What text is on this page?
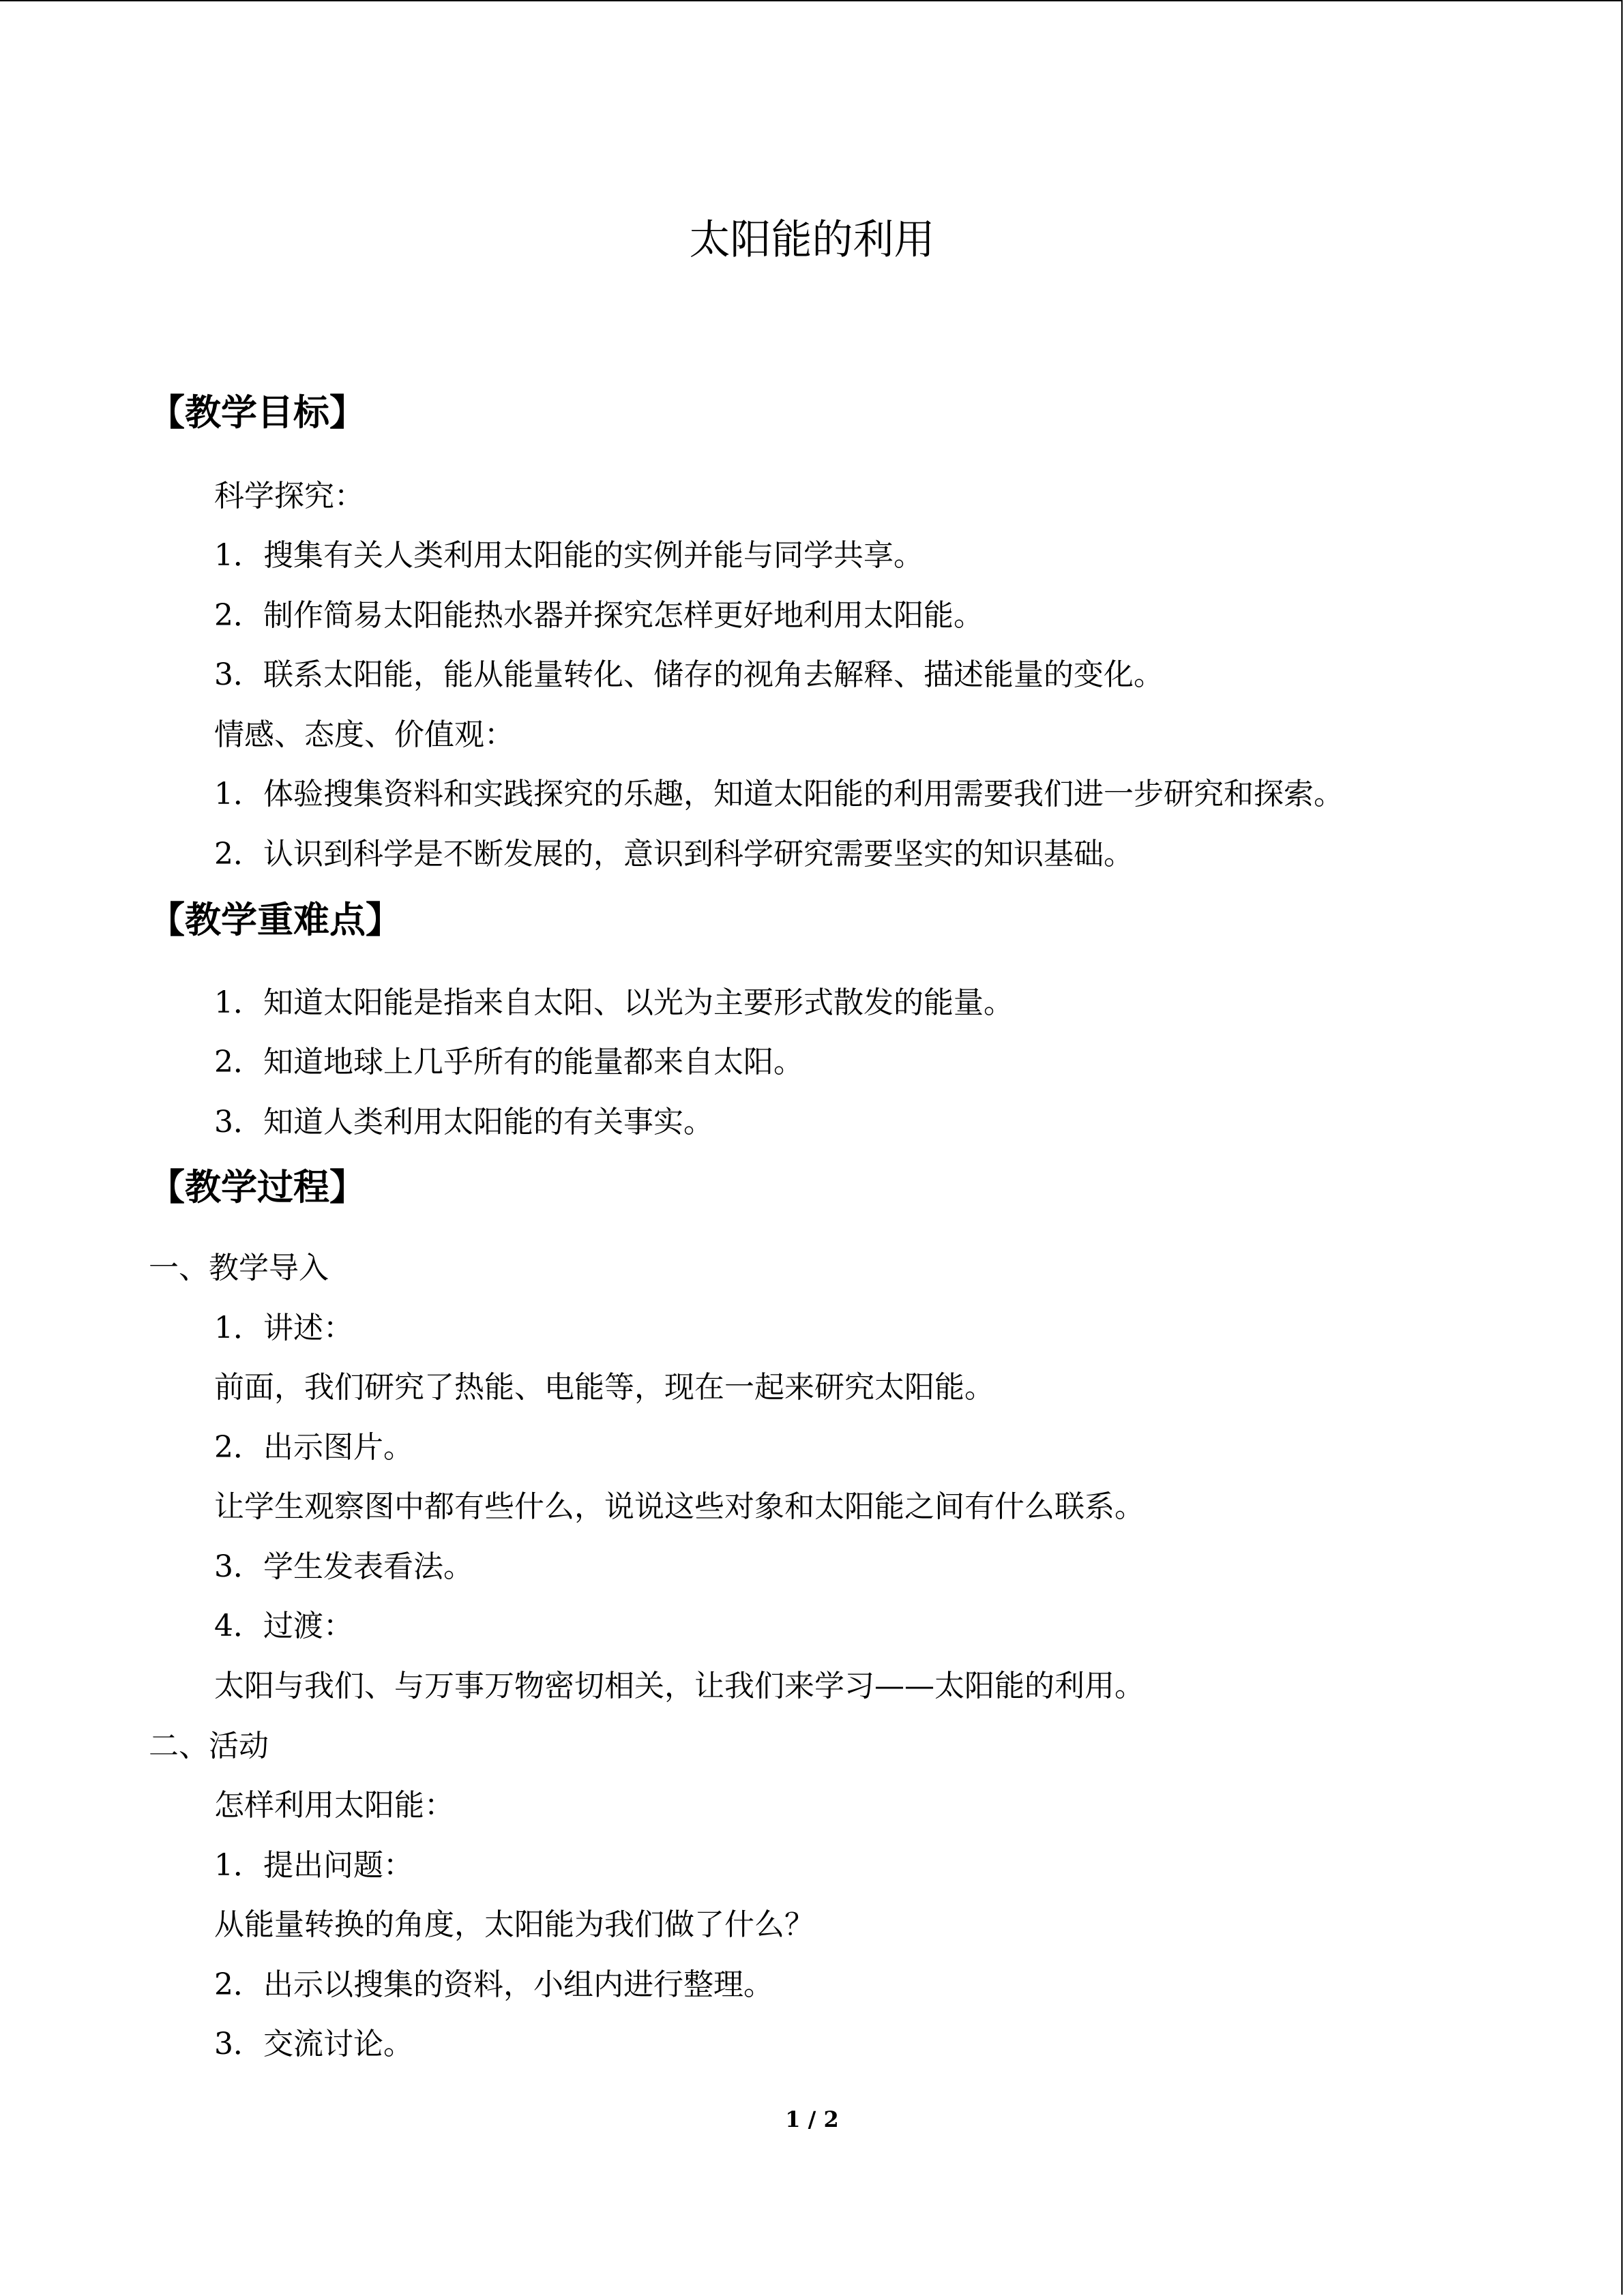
太阳能的利用
【教学目标】
科学探究：
1．搜集有关人类利用太阳能的实例并能与同学共享。
2．制作简易太阳能热水器并探究怎样更好地利用太阳能。
3．联系太阳能，能从能量转化、储存的视角去解释、描述能量的变化。
情感、态度、价值观：
1．体验搜集资料和实践探究的乐趣，知道太阳能的利用需要我们进一步研究和探索。
2．认识到科学是不断发展的，意识到科学研究需要坚实的知识基础。
【教学重难点】
1．知道太阳能是指来自太阳、以光为主要形式散发的能量。
2．知道地球上几乎所有的能量都来自太阳。
3．知道人类利用太阳能的有关事实。
【教学过程】
一、教学导入
1．讲述：
前面，我们研究了热能、电能等，现在一起来研究太阳能。
2．出示图片。
让学生观察图中都有些什么，说说这些对象和太阳能之间有什么联系。
3．学生发表看法。
4．过渡：
太阳与我们、与万事万物密切相关，让我们来学习——太阳能的利用。
二、活动
怎样利用太阳能：
1．提出问题：
从能量转换的角度，太阳能为我们做了什么？
2．出示以搜集的资料，小组内进行整理。
3．交流讨论。
1 / 2
